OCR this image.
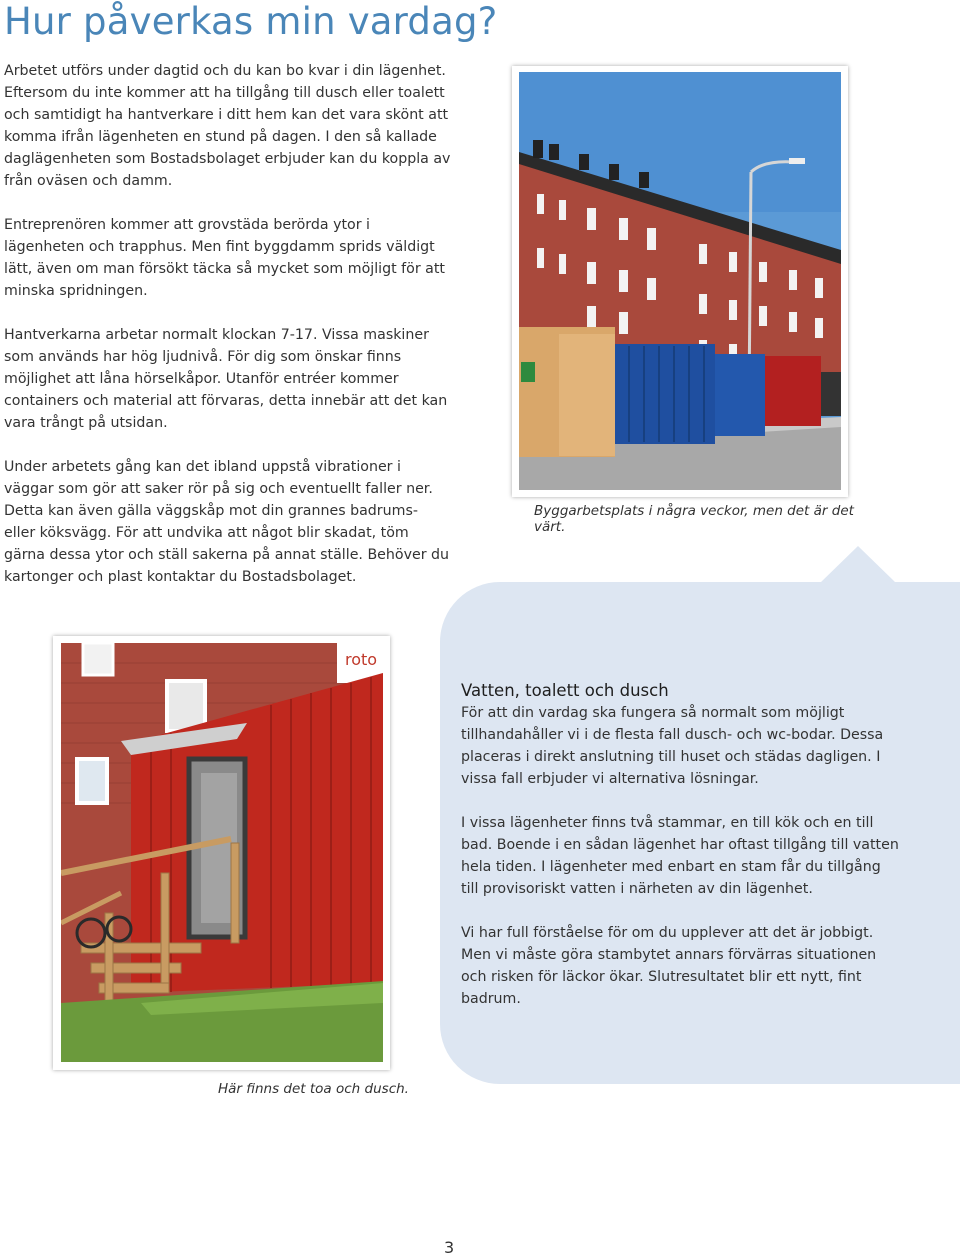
Hur påverkas min vardag?

Arbetet utförs under dagtid och du kan bo kvar i din lägenhet. Eftersom du inte kommer att ha tillgång till dusch eller toalett och samtidigt ha hantverkare i ditt hem kan det vara skönt att komma ifrån lägenheten en stund på dagen. I den så kallade daglägenheten som Bostadsbolaget erbjuder kan du koppla av från oväsen och damm.

Entreprenören kommer att grovstäda berörda ytor i lägenheten och trapphus. Men fint byggdamm sprids väldigt lätt, även om man försökt täcka så mycket som möjligt för att minska spridningen.

Hantverkarna arbetar normalt klockan 7-17. Vissa maskiner som används har hög ljudnivå. För dig som önskar finns möjlighet att låna hörselkåpor. Utanför entréer kommer containers och material att förvaras, detta innebär att det kan vara trångt på utsidan.

Under arbetets gång kan det ibland uppstå vibrationer i väggar som gör att saker rör på sig och eventuellt faller ner. Detta kan även gälla väggskåp mot din grannes badrums- eller köksvägg. För att undvika att något blir skadat, töm gärna dessa ytor och ställ sakerna på annat ställe. Behöver du kartonger och plast kontaktar du Bostadsbolaget.

Byggarbetsplats i några veckor, men det är det värt.
Vatten, toalett och dusch

För att din vardag ska fungera så normalt som möjligt tillhandahåller vi i de flesta fall dusch- och wc-bodar. Dessa placeras i direkt anslutning till huset och städas dagligen. I vissa fall erbjuder vi alternativa lösningar.

I vissa lägenheter finns två stammar, en till kök och en till bad. Boende i en sådan lägenhet har oftast tillgång till vatten hela tiden. I lägenheter med enbart en stam får du tillgång till provisoriskt vatten i närheten av din lägenhet.

Vi har full förståelse för om du upplever att det är jobbigt. Men vi måste göra stambytet annars förvärras situationen och risken för läckor ökar. Slutresultatet blir ett nytt, fint badrum.

roto
Här finns det toa och dusch.
3
